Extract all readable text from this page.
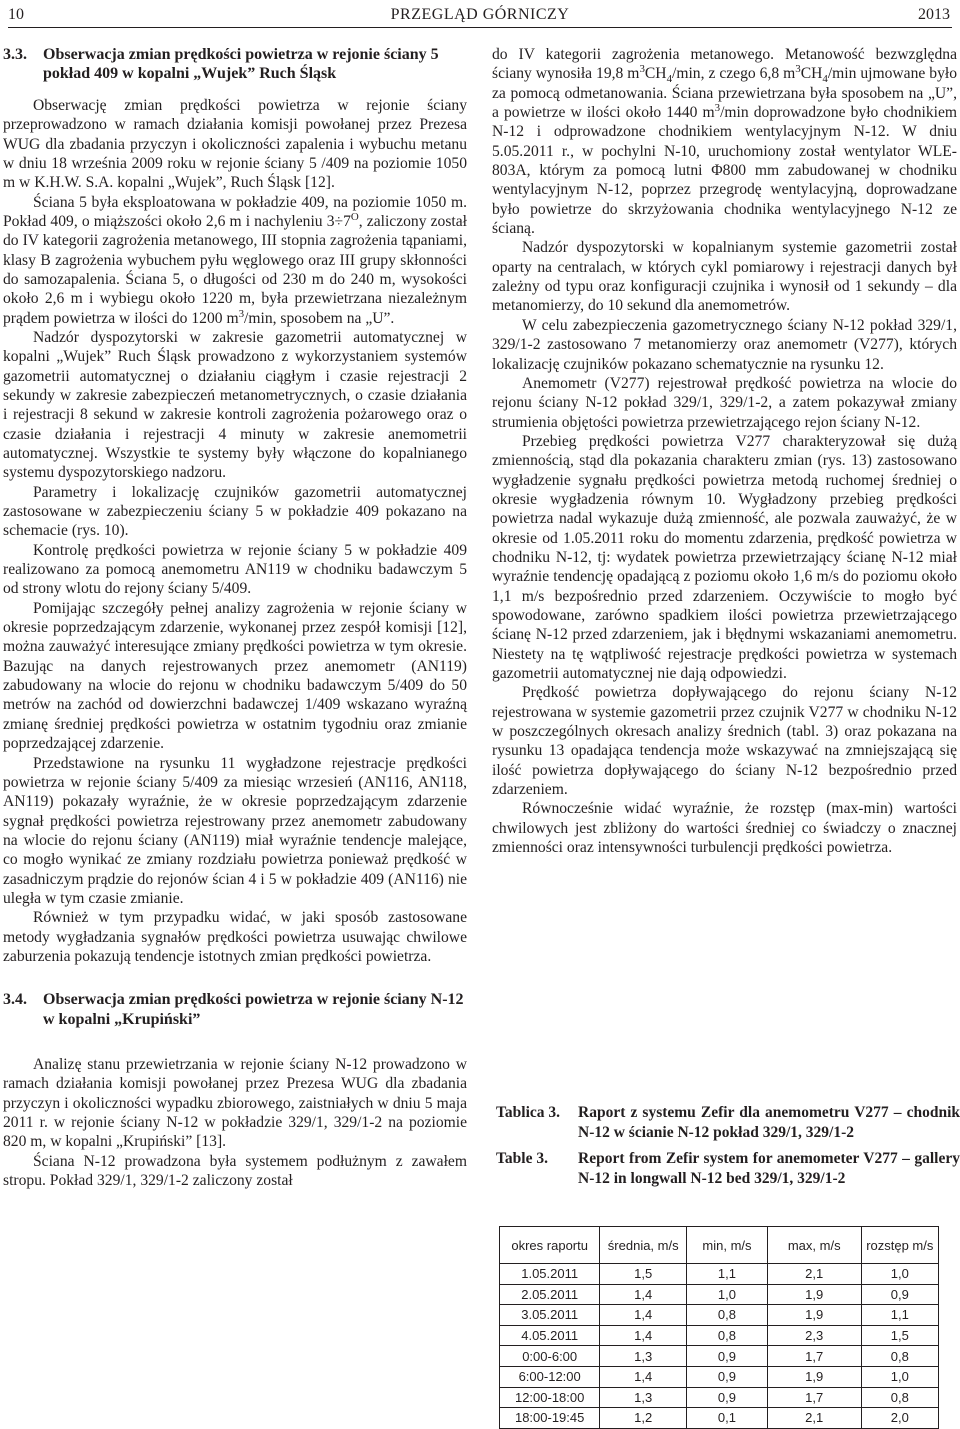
10	PRZEGLĄD GÓRNICZY	2013
3.3. Obserwacja zmian prędkości powietrza w rejonie ściany 5 pokład 409 w kopalni „Wujek” Ruch Śląsk

Obserwację zmian prędkości powietrza w rejonie ściany przeprowadzono w ramach działania komisji powołanej przez Prezesa WUG dla zbadania przyczyn i okoliczności zapalenia i wybuchu metanu w dniu 18 września 2009 roku w rejonie ściany 5 /409 na poziomie 1050 m w K.H.W. S.A. kopalni „Wujek”, Ruch Śląsk [12].

Ściana 5 była eksploatowana w pokładzie 409, na poziomie 1050 m. Pokład 409, o miąższości około 2,6 m i nachyleniu $3\div 7^O$, zaliczony został do IV kategorii zagrożenia metanowego, III stopnia zagrożenia tąpaniami, klasy B zagrożenia wybuchem pyłu węglowego oraz III grupy skłonności do samozapalenia. Ściana 5, o długości od 230 m do 240 m, wysokości około 2,6 m i wybiegu około 1220 m, była przewietrzana niezależnym prądem powietrza w ilości do 1200 $m^3/\min$, sposobem na „U”.

Nadzór dyspozytorski w zakresie gazometrii automatycznej w kopalni „Wujek” Ruch Śląsk prowadzono z wykorzystaniem systemów gazometrii automatycznej o działaniu ciągłym i czasie rejestracji 2 sekundy w zakresie zabezpieczeń metanometrycznych, o czasie działania i rejestracji 8 sekund w zakresie kontroli zagrożenia pożarowego oraz o czasie działania i rejestracji 4 minuty w zakresie anemometrii automatycznej. Wszystkie te systemy były włączone do kopalnianego systemu dyspozytorskiego nadzoru.

Parametry i lokalizację czujników gazometrii automatycznej zastosowane w zabezpieczeniu ściany 5 w pokładzie 409 pokazano na schemacie (rys. 10).

Kontrolę prędkości powietrza w rejonie ściany 5 w pokładzie 409 realizowano za pomocą anemometru AN119 w chodniku badawczym 5 od strony wlotu do rejony ściany 5/409.

Pomijając szczegóły pełnej analizy zagrożenia w rejonie ściany w okresie poprzedzającym zdarzenie, wykonanej przez zespół komisji [12], można zauważyć interesujące zmiany prędkości powietrza w tym okresie. Bazując na danych rejestrowanych przez anemometr (AN119) zabudowany na wlocie do rejonu w chodniku badawczym 5/409 do 50 metrów na zachód od dowierzchni badawczej 1/409 wskazano wyraźną zmianę średniej prędkości powietrza w ostatnim tygodniu oraz zmianie poprzedzającej zdarzenie.

Przedstawione na rysunku 11 wygładzone rejestracje prędkości powietrza w rejonie ściany 5/409 za miesiąc wrzesień (AN116, AN118, AN119) pokazały wyraźnie, że w okresie poprzedzającym zdarzenie sygnał prędkości powietrza rejestrowany przez anemometr zabudowany na wlocie do rejonu ściany (AN119) miał wyraźnie tendencje malejące, co mogło wynikać ze zmiany rozdziału powietrza ponieważ prędkość w zasadniczym prądzie do rejonów ścian 4 i 5 w pokładzie 409 (AN116) nie uległa w tym czasie zmianie.

Również w tym przypadku widać, w jaki sposób zastosowane metody wygładzania sygnałów prędkości powietrza usuwając chwilowe zaburzenia pokazują tendencje istotnych zmian prędkości powietrza.

3.4. Obserwacja zmian prędkości powietrza w rejonie ściany N-12 w kopalni „Krupiński”

Analizę stanu przewietrzania w rejonie ściany N-12 prowadzono w ramach działania komisji powołanej przez Prezesa WUG dla zbadania przyczyn i okoliczności wypadku zbiorowego, zaistniałych w dniu 5 maja 2011 r. w rejonie ściany N-12 w pokładzie 329/1, 329/1-2 na poziomie 820 m, w kopalni „Krupiński” [13].

Ściana N-12 prowadzona była systemem podłużnym z zawałem stropu. Pokład 329/1, 329/1-2 zaliczony został

do IV kategorii zagrożenia metanowego. Metanowość bezwzględna ściany wynosiła 19,8 $m^3CH_4/\min$, z czego 6,8 $m^3CH_4/\min$ ujmowane było za pomocą odmetanowania. Ściana przewietrzana była sposobem na „U”, a powietrze w ilości około 1440 $m^3/\min$ doprowadzone było chodnikiem N-12 i odprowadzone chodnikiem wentylacyjnym N-12. W dniu 5.05.2011 r., w pochylni N-10, uruchomiony został wentylator WLE-803A, którym za pomocą lutni Φ800 mm zabudowanej w chodniku wentylacyjnym N-12, poprzez przegrodę wentylacyjną, doprowadzane było powietrze do skrzyżowania chodnika wentylacyjnego N-12 ze ścianą.

Nadzór dyspozytorski w kopalnianym systemie gazometrii został oparty na centralach, w których cykl pomiarowy i rejestracji danych był zależny od typu oraz konfiguracji czujnika i wynosił od 1 sekundy – dla metanomierzy, do 10 sekund dla anemometrów.

W celu zabezpieczenia gazometrycznego ściany N-12 pokład 329/1, 329/1-2 zastosowano 7 metanomierzy oraz anemometr (V277), których lokalizację czujników pokazano schematycznie na rysunku 12.

Anemometr (V277) rejestrował prędkość powietrza na wlocie do rejonu ściany N-12 pokład 329/1, 329/1-2, a zatem pokazywał zmiany strumienia objętości powietrza przewietrzającego rejon ściany N-12.

Przebieg prędkości powietrza V277 charakteryzował się dużą zmiennością, stąd dla pokazania charakteru zmian (rys. 13) zastosowano wygładzenie sygnału prędkości powietrza metodą ruchomej średniej o okresie wygładzenia równym 10. Wygładzony przebieg prędkości powietrza nadal wykazuje dużą zmienność, ale pozwala zauważyć, że w okresie od 1.05.2011 roku do momentu zdarzenia, prędkość powietrza w chodniku N-12, tj: wydatek powietrza przewietrzający ścianę N-12 miał wyraźnie tendencję opadającą z poziomu około 1,6 m/s do poziomu około 1,1 m/s bezpośrednio przed zdarzeniem. Oczywiście to mogło być spowodowane, zarówno spadkiem ilości powietrza przewietrzającego ścianę N-12 przed zdarzeniem, jak i błędnymi wskazaniami anemometru. Niestety na tę wątpliwość rejestracje prędkości powietrza w systemach gazometrii automatycznej nie dają odpowiedzi.

Prędkość powietrza dopływającego do rejonu ściany N-12 rejestrowana w systemie gazometrii przez czujnik V277 w chodniku N-12 w poszczególnych okresach analizy średnich (tabl. 3) oraz pokazana na rysunku 13 opadająca tendencja może wskazywać na zmniejszającą się ilość powietrza dopływającego do ściany N-12 bezpośrednio przed zdarzeniem.

Równocześnie widać wyraźnie, że rozstęp (max-min) wartości chwilowych jest zbliżony do wartości średniej co świadczy o znacznej zmienności oraz intensywności turbulencji prędkości powietrza.

Tablica 3. Raport z systemu Zefir dla anemometru V277 – chodnik N-12 w ścianie N-12 pokład 329/1, 329/1-2
Table 3. Report from Zefir system for anemometer V277 – gallery N-12 in longwall N-12 bed 329/1, 329/1-2
okres raportu	średnia, m/s	min, m/s	max, m/s	rozstęp m/s
1.05.2011	1,5	1,1	2,1	1,0
2.05.2011	1,4	1,0	1,9	0,9
3.05.2011	1,4	0,8	1,9	1,1
4.05.2011	1,4	0,8	2,3	1,5
0:00-6:00	1,3	0,9	1,7	0,8
6:00-12:00	1,4	0,9	1,9	1,0
12:00-18:00	1,3	0,9	1,7	0,8
18:00-19:45	1,2	0,1	2,1	2,0
